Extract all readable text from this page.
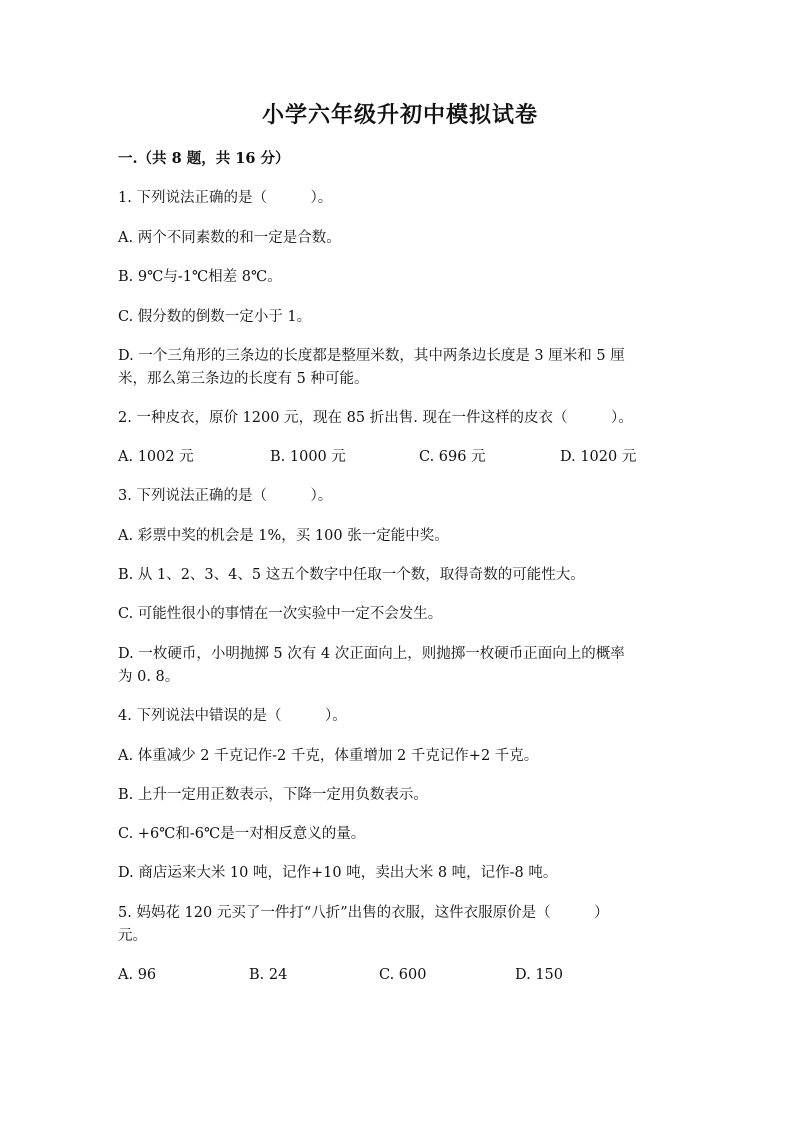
小学六年级升初中模拟试卷
一.（共 8 题，共 16 分）
1. 下列说法正确的是（　　　）。
A. 两个不同素数的和一定是合数。
B. 9℃与-1℃相差 8℃。
C. 假分数的倒数一定小于 1。
D. 一个三角形的三条边的长度都是整厘米数，其中两条边长度是 3 厘米和 5 厘
米，那么第三条边的长度有 5 种可能。
2. 一种皮衣，原价 1200 元，现在 85 折出售. 现在一件这样的皮衣（　　　）。
A. 1002 元	B. 1000 元	C. 696 元	D. 1020 元
3. 下列说法正确的是（　　　）。
A. 彩票中奖的机会是 1%，买 100 张一定能中奖。
B. 从 1、2、3、4、5 这五个数字中任取一个数，取得奇数的可能性大。
C. 可能性很小的事情在一次实验中一定不会发生。
D. 一枚硬币，小明抛掷 5 次有 4 次正面向上，则抛掷一枚硬币正面向上的概率
为 0. 8。
4. 下列说法中错误的是（　　　）。
A. 体重减少 2 千克记作-2 千克，体重增加 2 千克记作+2 千克。
B. 上升一定用正数表示，下降一定用负数表示。
C. +6℃和-6℃是一对相反意义的量。
D. 商店运来大米 10 吨，记作+10 吨，卖出大米 8 吨，记作-8 吨。
5. 妈妈花 120 元买了一件打“八折”出售的衣服，这件衣服原价是（　　　）
元。
A. 96	B. 24	C. 600	D. 150
